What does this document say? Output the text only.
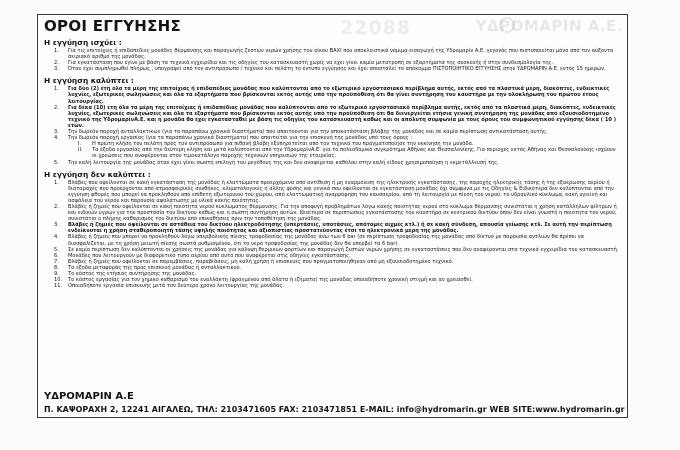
22088	ΥΔΡΟΜΑΡΙΝ Α.Ε.
ΟΡΟΙ ΕΓΓΥΗΣΗΣ
Η εγγύηση ισχύει :
1. Για τις επιτοίχιες ή επιδαπέδιες μονάδες θέρμανσης και παραγωγής ζεστών νερών χρήσης του οίκου BAXI που αποκλειστικά νόμιμα εισαγωγή της Υδρομαρίν Α.Ε. γεγονός που πιστοποιείται μόνο από τον αύξοντα σειριακό αριθμό της μονάδας.
2. Για εγκατάσταση που έγινε με βάση τα τεχνικά εγχειρίδια και τις οδηγίες του κατασκευαστή χωρίς να έχει γίνει καμία μετατροπή σε εξαρτήματα της συσκευής ή στην συνδεσμολογία της.
3. Όταν έχει συμπληρωθεί πλήρως , υπογραφεί από τον αντιπρόσωπο / τεχνικό και πελάτη το έντυπο εγγύησης και έχει αποσταλεί το απόκομμα ΠΙΣΤΟΠΟΙΗΤΙΚΟ ΕΓΓΥΗΣΗΣ στην ΥΔΡΟΜΑΡΙΝ Α.Ε. εντός 15 ημερών.
Η εγγύηση καλύπτει :
1. Για δύο (2) έτη όλα τα μέρη της επιτοίχιας ή επιδαπέδιας μονάδας που καλύπτονται από το εξωτερικό εργοστασιακό περίβλημα αυτής, εκτός από τα πλαστικά μέρη, διακόπτες, ενδεικτικές λυχνίες, εξωτερικές σωληνώσεις και όλα τα εξαρτήματα που βρίσκονται εκτός αυτής υπό την προϋπόθεση ότι θα γίνει συντήρηση του καυστήρα με την ολοκλήρωση του πρώτου έτους λειτουργίας.
2. Για δέκα (10) έτη όλα τα μέρη της επιτοίχιας ή επιδαπέδιας μονάδας που καλύπτονται από το εξωτερικό εργοστασιακό περίβλημα αυτής, εκτός από τα πλαστικά μέρη, διακόπτες, ενδεικτικές λυχνίες, εξωτερικές σωληνώσεις και όλα τα εξαρτήματα που βρίσκονται εκτός αυτής υπό την προϋπόθεση ότι θα διενεργείται ετήσια γενική συντήρηση της μονάδας από εξουσιοδοτημένο τεχνικό της ΥδρομαρίνΑ.Ε. και η μονάδα θα έχει εγκατασταθεί με βάση τις οδηγίες του κατασκευαστή καθώς και οι απόλυτη συμφωνία με τους όρους του συμφωνητικού εγγύησης δέκα ( 10 ) ετών.
3. Την δωρεάν παροχή ανταλλακτικών (για τα παραπάνω χρονικά διαστήματα) που απαιτούνται για την αποκατάσταση βλάβης της μονάδας και σε καμία περίπτωση αντικατάσταση αυτής.
4. Την δωρεάν παροχή εργασίας (για τα παραπάνω χρονικά διαστήματα) που απαιτείται για την επισκευή της μονάδας υπό τους όρους :
I. Η πρώτη κλήση του πελάτη προς τον αντιπρόσωπο για πιθανή βλάβη εξυπηρετείται από τον τεχνικό του πραγματοποίησε την εκκίνηση την μονάδα.
II. Τα έξοδα εργασίας από την δεύτερη κλήση και μετά καλύπτονται από την ΥδρομαρίνΑ.Ε. για το πολεοδομικό συγκρότημα Αθήνας και Θεσσαλονίκης. Για περιοχές εκτός Αθήνας και Θεσσαλονίκης ισχύουν οι χρεώσεις που αναφέρονται στον τιμοκατάλογο παροχής τεχνικών υπηρεσιών της εταιρείας.
5. Την καλή λειτουργία της μονάδας όταν έχει γίνει σωστή επιλογή του μεγέθους της και δεν αναφέρεται καθόλου στην καλή είδους χρησιμοποίηση η εκμετάλλευσή της.
Η εγγύηση δεν καλύπτει :
1. Βλάβες που οφείλονται σε κακή εγκατάσταση της μονάδας ή ελαττώματα προερχόμενα από αντίθεση ή μη εναρμόνιση της ηλεκτρικής εγκατάστασης, της παροχής ηλεκτρικής τάσης ή της εξαέρωσης αερίου ή διαταραχές που προέρχονται από ατμοσφαιρικές συνθήκες, κλιματολογικές ή άλλης φύσης και γενικά που οφείλονται σε εγκατάσταση μονάδας όχι σύμφωνα με τις Οδηγίες & Ειδικότερα δεν καλύπτονται από την εγγύηση φθορές που μπορεί να προκληθούν από επίθετη εξωτερικού του χώρου, από ελαττωματική αναρρόφηση του καυσαερίου, από τη λειτουργία με πίεση του νερού, το υδραυλικό κύκλωμα, κακή υγιεινή και ασφάλεια του νερού και παρουσία αφαλάτωσης με υλικά κακής ποιότητας.
2. Βλάβες ή ζημιές που οφείλονται σε κακή ποιότητα νερού κυκλώματος θέρμανσης. Για την αποφυγή προβλημάτων λόγω κακής ποιότητας νερού στο κύκλωμα θέρμανσης συνιστάται η χρήση κατάλληλων φίλτρων ή και ειδικών υγρών για την προστασία του δικτύου καθώς και η σωστή συντήρηση αυτών. Ιδιαίτερα σε περιπτώσεις εγκατάστασης του καυστήρα σε κεντρικού δικτύου όπου δεν είναι γνωστή η ποιότητα του νερού, συνιστάται ο πλήρης καθαρισμός του δικτύου από επικαθήσεις πριν την τοποθέτηση της μονάδας.
3. Βλάβες ή ζημιές που οφείλονται σε αστάθεια του δικτύου ηλεκτροδότησης (υπερτάσεις, υποτάσεις, απότομες αιχμές κτλ.) ή σε κακή σύνδεση, απουσία γείωσης κτλ. Σε αυτή την περίπτωση ενδείκνυται η χρήση σταθεροποιητή τάσης υψηλής ποιότητας και αξιοπιστίας προστατεύοντας έτσι τα ηλεκτρονικά μέρη της μονάδας.
4. Βλάβες ή ζημιές που μπορεί να προκληθούν λόγω υπερβολικής πίεσης τροφοδοσίας της μονάδας άνω των 6 bar (σε περίπτωση τροφοδοσίας της μονάδας από δίκτυο με παρουσία αντλιών θα πρέπει να διασφαλίζεται, με τη χρήση μειωτή πίεσης σωστά ρυθμισμένου, ότι το νερό τροφοδοσίας της μονάδας δεν θα υπερβεί τα 6 bar).
5. Σε καμία περίπτωση δεν καλύπτονται οι χρήσεις της μονάδας για κάλυψη θερμικών φορτίων και παραγωγή ζεστών νερών χρήσης σε εγκαταστάσεις που δεν αναφέρονται στα τεχνικά εγχειρίδια του κατασκευαστή.
6. Μονάδες που λειτουργούν με διαφορετικό τύπο αερίου από αυτό που αναφέρεται στις οδηγίες εγκατάστασης.
7. Βλάβες ή ζημιές που οφείλονται σε παρεμβάσεις, παραβιάσεις, μη καλή χρήση ή επισκευές που πραγματοποιήθηκαν από μη εξουσιοδοτημένο τεχνικό.
8. Τα έξοδα μεταφοράς της προς επισκευή μονάδας ή ανταλλακτικού.
9. Το κόστος της ετήσιας συντήρησης της μονάδας.
10. Το κόστος εργασίας για τον χημικό καθαρισμό του εναλλάκτη (φραγμένου από άλατα ή ιζήματα) της μονάδας οποιαδήποτε χρονική στιγμή και αν χρειασθεί.
11. Οποιαδήποτε εργασία επισκευής μετά τον δεύτερο χρόνο λειτουργίας της μονάδας.
ΥΔΡΟΜΑΡΙΝ Α.Ε
Π. ΚΑΨΟΡΑΧΗ 2, 12241 ΑΙΓΑΛΕΩ, ΤΗΛ: 2103471605 FAX: 2103471851 E-MAIL: info@hydromarin.gr WEB SITE:www.hydromarin.gr
